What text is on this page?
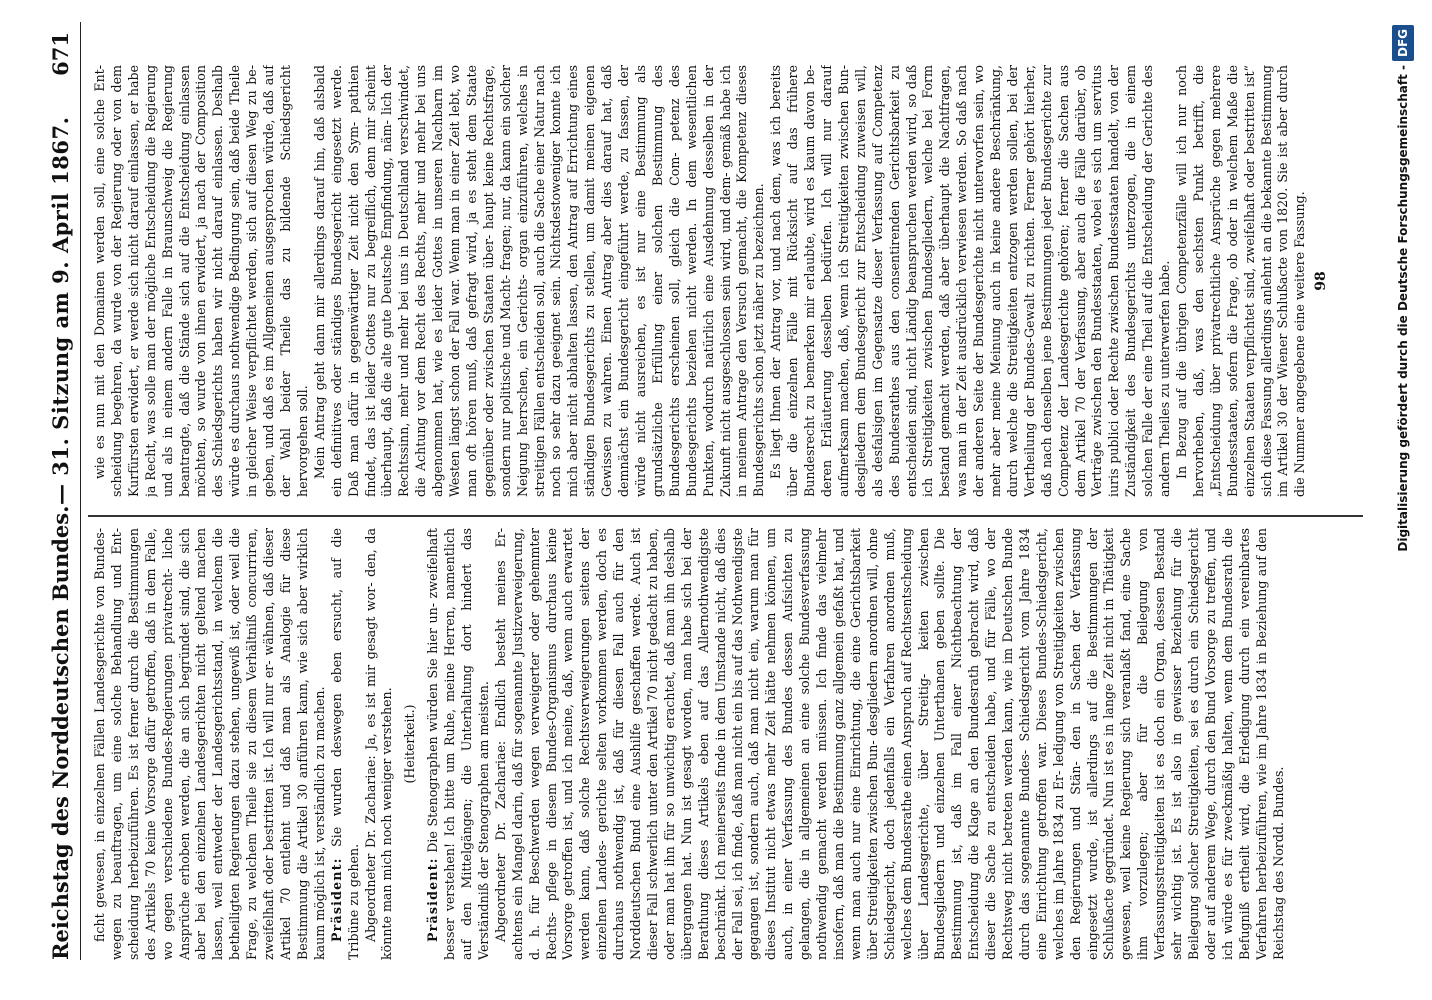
Reichstag des Norddeutschen Bundes.
— 31. Sitzung am 9. April 1867.
671

ficht gewesen, in einzelnen Fällen Landesgerichte von Bundes- wegen zu beauftragen, um eine solche Behandlung und Ent- scheidung herbeizuführen. Es ist ferner durch die Bestimmungen des Artikels 70 keine Vorsorge dafür getroffen, daß in dem Falle, wo gegen verschiedene Bundes-Regierungen privatrecht- liche Ansprüche erhoben werden, die an sich begründet sind, die sich aber bei den einzelnen Landesgerichten nicht geltend machen lassen, weil entweder der Landesgerichtsstand, in welchem die betheiligten Regierungen dazu stehen, ungewiß ist, oder weil die Frage, zu welchem Theile sie zu diesem Verhältniß concurriren, zweifelhaft oder bestritten ist. Ich will nur er- wähnen, daß dieser Artikel 70 entlehnt und daß man als Analogie für diese Bestimmung die Artikel 30 anführen kann, wie sich aber wirklich kaum möglich ist, verständlich zu machen. Präsident: Sie wurden deswegen eben ersucht, auf die Tribüne zu gehen. Abgeordneter Dr. Zachariae: Ja, es ist mir gesagt wor- den, da könnte man mich noch weniger verstehen. (Heiterkeit.)

Präsident: Die Stenographen würden Sie hier un- zweifelhaft besser verstehen! Ich bitte um Ruhe, meine Herren, namentlich auf den Mittelgängen; die Unterhaltung dort hindert das Verständniß der Stenographen am meisten. Abgeordneter Dr. Zachariae: Endlich besteht meines Er- achtens ein Mangel darin, daß für sogenannte Justizverweigerung, d. h. für Beschwerden wegen verweigerter oder gehemmter Rechts- pflege in diesem Bundes-Organismus durchaus keine Vorsorge getroffen ist, und ich meine, daß, wenn auch erwartet werden kann, daß solche Rechtsverweigerungen seitens der einzelnen Landes- gerichte selten vorkommen werden, doch es durchaus nothwendig ist, daß für diesen Fall auch für den Norddeutschen Bund eine Aushilfe geschaffen werde. Auch ist dieser Fall schwerlich unter den Artikel 70 nicht gedacht zu haben, oder man hat ihn für so unwichtig erachtet, daß man ihn deshalb übergangen hat. Nun ist gesagt worden, man habe sich bei der Berathung dieses Artikels eben auf das Allernothwendigste beschränkt. Ich meinerseits finde in dem Umstande nicht, daß dies der Fall sei, ich finde, daß man nicht ein bis auf das Nothwendigste gegangen ist, sondern auch, daß man nicht ein, warum man für dieses Institut nicht etwas mehr Zeit hätte nehmen können, um auch, in einer Verfassung des Bundes dessen Aufsichten zu gelangen, die in allgemeinen an eine solche Bundesverfassung nothwendig gemacht werden müssen. Ich finde das vielmehr insofern, daß man die Bestimmung ganz allgemein gefaßt hat, und wenn man auch nur eine Einrichtung, die eine Gerichtsbarkeit über Streitigkeiten zwischen Bun- desgliedern anordnen will, ohne Schiedsgericht, doch jedenfalls ein Verfahren anordnen muß, welches dem Bundesrathe einen Anspruch auf Rechtsentscheidung über Landesgerichte, über Streitig- keiten zwischen Bundesgliedern und einzelnen Unterthanen geben sollte. Die Bestimmung ist, daß im Fall einer Nichtbeachtung der Entscheidung die Klage an den Bundesrath gebracht wird, daß dieser die Sache zu entscheiden habe, und für Fälle, wo der Rechtsweg nicht betreten werden kann, wie im Deutschen Bunde durch das sogenannte Bundes- Schiedsgericht vom Jahre 1834 eine Einrichtung getroffen war. Dieses Bundes-Schiedsgericht, welches im Jahre 1834 zu Er- ledigung von Streitigkeiten zwischen den Regierungen und Stän- den in Sachen der Verfassung eingesetzt wurde, ist allerdings auf die Bestimmungen der Schlußacte gegründet. Nun ist es in lange Zeit nicht in Thätigkeit gewesen, weil keine Regierung sich veranlaßt fand, eine Sache ihm vorzulegen; aber für die Beilegung von Verfassungsstreitigkeiten ist es doch ein Organ, dessen Bestand sehr wichtig ist. Es ist also in gewisser Beziehung für die Beilegung solcher Streitigkeiten, sei es durch ein Schiedsgericht oder auf anderem Wege, durch den Bund Vorsorge zu treffen, und ich würde es für zweckmäßig halten, wenn dem Bundesrath die Befugniß ertheilt wird, die Erledigung durch ein vereinbartes Verfahren herbeizuführen, wie im Jahre 1834 in Beziehung auf den Reichstag des Nordd. Bundes.

wie es nun mit den Domainen werden soll, eine solche Ent- scheidung begehren, da wurde von der Regierung oder von dem Kurfürsten erwidert, er werde sich nicht darauf einlassen, er habe ja Recht, was solle man der mögliche Entscheidung die Regierung und als in einem andern Falle in Braunschweig die Regierung beantragte, daß die Stände sich auf die Entscheidung einlassen möchten, so wurde von ihnen erwidert, ja nach der Composition des Schiedsgerichts haben wir nicht darauf einlassen. Deshalb würde es durchaus nothwendige Bedingung sein, daß beide Theile in gleicher Weise verpflichtet werden, sich auf diesen Weg zu be- geben, und daß es im Allgemeinen ausgesprochen würde, daß auf der Wahl beider Theile das zu bildende Schiedsgericht hervorgehen soll. Mein Antrag geht dann mir allerdings darauf hin, daß alsbald ein definitives oder ständiges Bundesgericht eingesetzt werde. Daß man dafür in gegenwärtiger Zeit nicht den Sym- pathien findet, das ist leider Gottes nur zu begreiflich, denn mir scheint überhaupt, daß die alte gute Deutsche Empfindung, näm- lich der Rechtssinn, mehr und mehr bei uns in Deutschland verschwindet, die Achtung vor dem Recht des Rechts, mehr und mehr bei uns abgenommen hat, wie es leider Gottes in unseren Nachbarn im Westen längst schon der Fall war. Wenn man in einer Zeit lebt, wo man oft hören muß, daß gefragt wird, ja es steht dem Staate gegenüber oder zwischen Staaten über- haupt keine Rechtsfrage, sondern nur politische und Macht- fragen; nur, da kann ein solcher Neigung herrschen, ein Gerichts- organ einzuführen, welches in streitigen Fällen entscheiden soll, auch die Sache einer Natur nach noch so sehr dazu geeignet sein. Nichtsdestoweniger konnte ich mich aber nicht abhalten lassen, den Antrag auf Errichtung eines ständigen Bundesgerichts zu stellen, um damit meinen eigenen Gewissen zu wahren. Einen Antrag aber dies darauf hat, daß demnächst ein Bundesgericht eingeführt werde, zu fassen, der würde nicht ausreichen, es ist nur eine Bestimmung als grundsätzliche Erfüllung einer solchen Bestimmung des Bundesgerichts erscheinen soll, gleich die Com- petenz des Bundesgerichts beziehen nicht werden. In dem wesentlichen Punkten, wodurch natürlich eine Ausdehnung desselben in der Zukunft nicht ausgeschlossen sein wird, und dem- gemäß habe ich in meinem Antrage den Versuch gemacht, die Kompetenz dieses Bundesgerichts schon jetzt näher zu bezeichnen. Es liegt Ihnen der Antrag vor, und nach dem, was ich bereits über die einzelnen Fälle mit Rücksicht auf das frühere Bundesrecht zu bemerken mir erlaubte, wird es kaum davon be- deren Erläuterung desselben bedürfen. Ich will nur darauf aufmerksam machen, daß, wenn ich Streitigkeiten zwischen Bun- desgliedern dem Bundesgericht zur Entscheidung zuweisen will, als desfalsigen im Gegensatze dieser Verfassung auf Competenz des Bundesrathes aus den consentirenden Gerichtsbarkeit zu entscheiden sind, nicht Ländig beanspruchen werden wird, so daß ich Streitigkeiten zwischen Bundesgliedern, welche bei Form bestand gemacht werden, daß aber überhaupt die Nachtfragen, was man in der Zeit ausdrücklich verwiesen werden. So daß nach der anderen Seite der Bundesgerichte nicht unterworfen sein, wo mehr aber meine Meinung auch in keine andere Beschränkung, durch welche die Streitigkeiten entzogen werden sollen, bei der Vertheilung der Bundes-Gewalt zu richten. Ferner gehört hierher, daß nach denselben jene Bestimmungen jeder Bundesgerichte zur Competenz der Landesgerichte gehören; ferner die Sachen aus dem Artikel 70 der Verfassung, aber auch die Fälle darüber, ob Verträge zwischen den Bundesstaaten, wobei es sich um servitus iuris publici oder Rechte zwischen Bundesstaaten handelt, von der Zuständigkeit des Bundesgerichts unterzogen, die in einem solchen Falle der eine Theil auf die Entscheidung der Gerichte des andern Theiles zu unterwerfen habe. In Bezug auf die übrigen Competenzfälle will ich nur noch hervorheben, daß, was den sechsten Punkt betrifft, die „Entscheidung über privatrechtliche Ansprüche gegen mehrere Bundesstaaten, sofern die Frage, ob oder in welchem Maße die einzelnen Staaten verpflichtet sind, zweifelhaft oder bestritten ist“ sich diese Fassung allerdings anlehnt an die bekannte Bestimmung im Artikel 30 der Wiener Schlußacte von 1820. Sie ist aber durch die Nummer angegebene eine weitere Fassung. 98	Digitalisierung gefördert durch die Deutsche Forschungsgemeinschaft -
DFG
